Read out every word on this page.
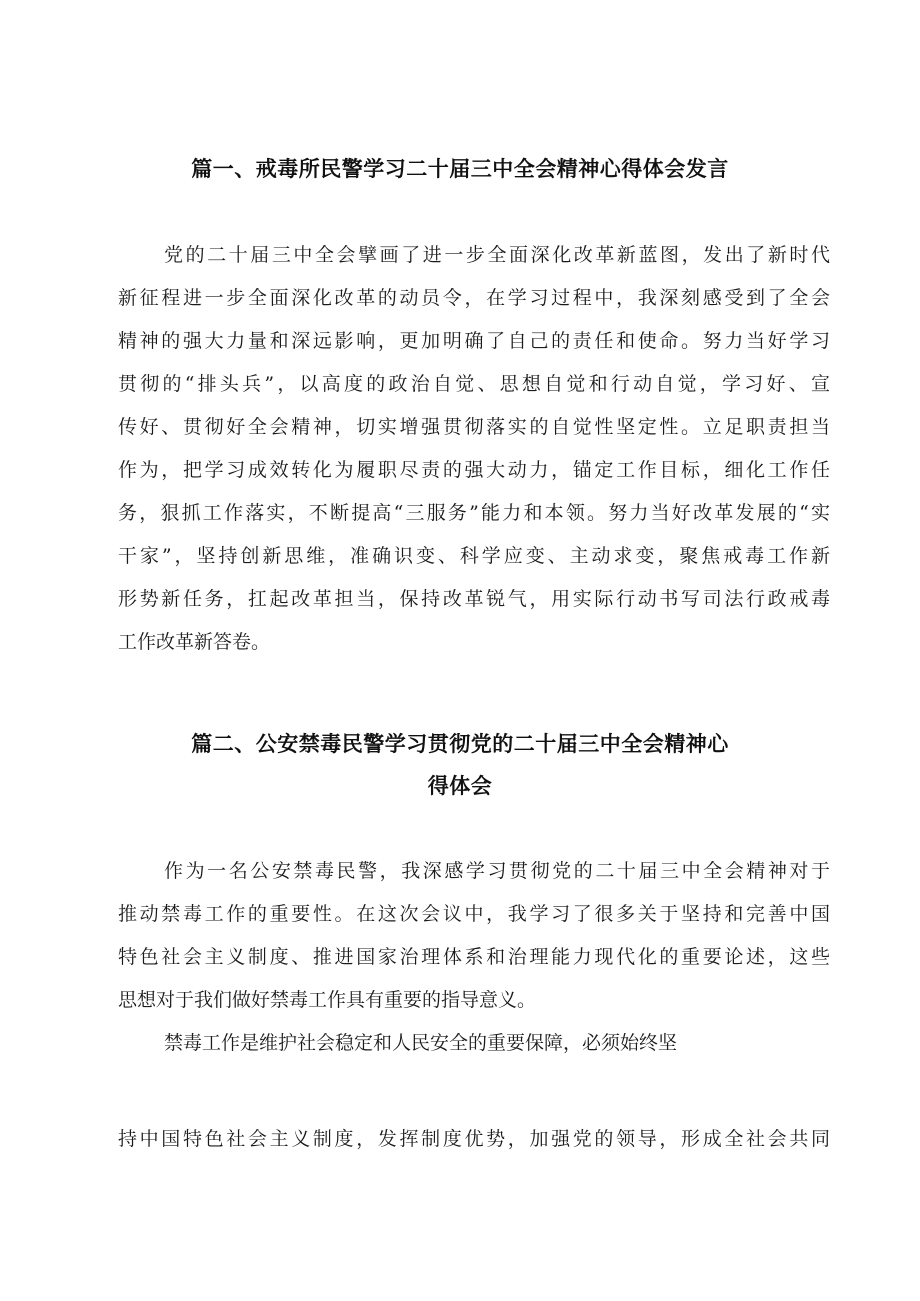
篇一、戒毒所民警学习二十届三中全会精神心得体会发言
党的二十届三中全会擘画了进一步全面深化改革新蓝图，发出了新时代
新征程进一步全面深化改革的动员令，在学习过程中，我深刻感受到了全会
精神的强大力量和深远影响，更加明确了自己的责任和使命。努力当好学习
贯彻的“排头兵”，以高度的政治自觉、思想自觉和行动自觉，学习好、宣
传好、贯彻好全会精神，切实增强贯彻落实的自觉性坚定性。立足职责担当
作为，把学习成效转化为履职尽责的强大动力，锚定工作目标，细化工作任
务，狠抓工作落实，不断提高“三服务”能力和本领。努力当好改革发展的“实
干家”，坚持创新思维，准确识变、科学应变、主动求变，聚焦戒毒工作新
形势新任务，扛起改革担当，保持改革锐气，用实际行动书写司法行政戒毒
工作改革新答卷。
篇二、公安禁毒民警学习贯彻党的二十届三中全会精神心
得体会
作为一名公安禁毒民警，我深感学习贯彻党的二十届三中全会精神对于
推动禁毒工作的重要性。在这次会议中，我学习了很多关于坚持和完善中国
特色社会主义制度、推进国家治理体系和治理能力现代化的重要论述，这些
思想对于我们做好禁毒工作具有重要的指导意义。
禁毒工作是维护社会稳定和人民安全的重要保障，必须始终坚
持中国特色社会主义制度，发挥制度优势，加强党的领导，形成全社会共同
